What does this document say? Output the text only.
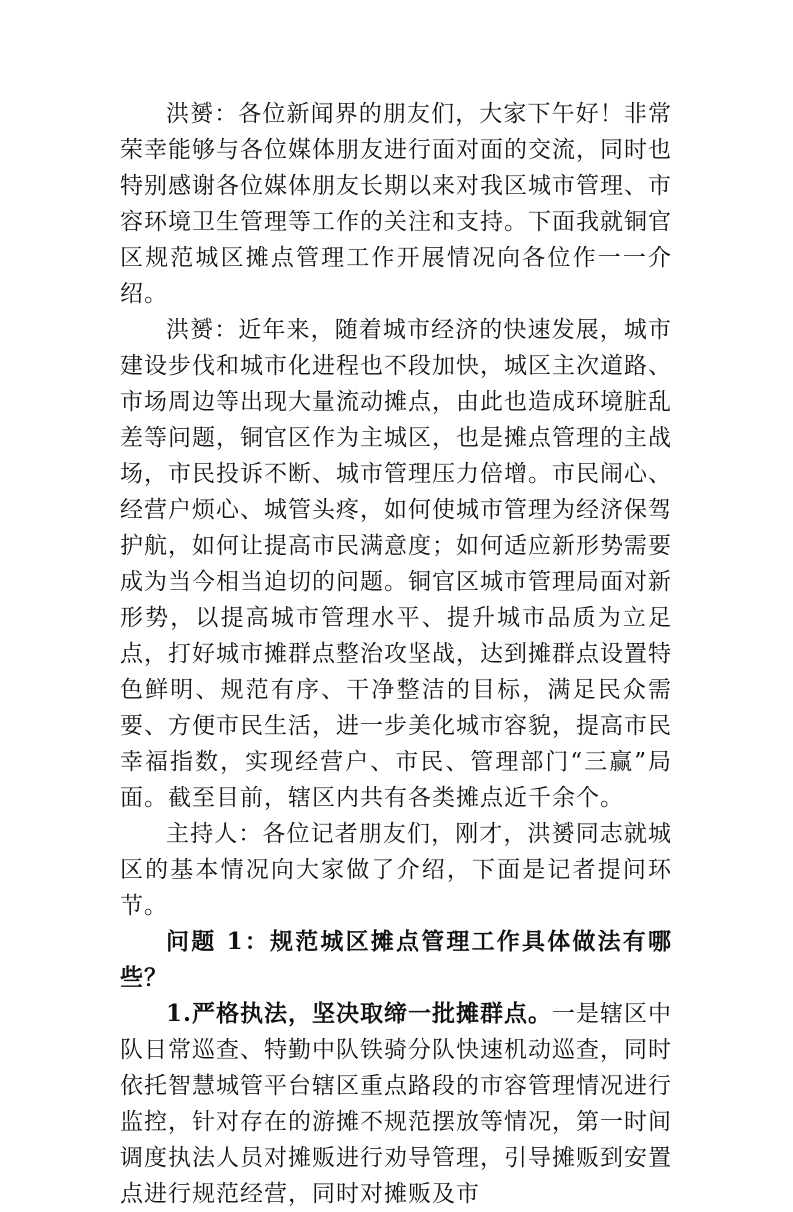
洪赟：各位新闻界的朋友们，大家下午好！非常荣幸能够与各位媒体朋友进行面对面的交流，同时也特别感谢各位媒体朋友长期以来对我区城市管理、市容环境卫生管理等工作的关注和支持。下面我就铜官区规范城区摊点管理工作开展情况向各位作一一介绍。

洪赟：近年来，随着城市经济的快速发展，城市建设步伐和城市化进程也不段加快，城区主次道路、市场周边等出现大量流动摊点，由此也造成环境脏乱差等问题，铜官区作为主城区，也是摊点管理的主战场，市民投诉不断、城市管理压力倍增。市民闹心、经营户烦心、城管头疼，如何使城市管理为经济保驾护航，如何让提高市民满意度；如何适应新形势需要成为当今相当迫切的问题。铜官区城市管理局面对新形势，以提高城市管理水平、提升城市品质为立足点，打好城市摊群点整治攻坚战，达到摊群点设置特色鲜明、规范有序、干净整洁的目标，满足民众需要、方便市民生活，进一步美化城市容貌，提高市民幸福指数，实现经营户、市民、管理部门“三赢”局面。截至目前，辖区内共有各类摊点近千余个。

主持人：各位记者朋友们，刚才，洪赟同志就城区的基本情况向大家做了介绍，下面是记者提问环节。

问题 1：规范城区摊点管理工作具体做法有哪些？

1.严格执法，坚决取缔一批摊群点。一是辖区中队日常巡查、特勤中队铁骑分队快速机动巡查，同时依托智慧城管平台辖区重点路段的市容管理情况进行监控，针对存在的游摊不规范摆放等情况，第一时间调度执法人员对摊贩进行劝导管理，引导摊贩到安置点进行规范经营，同时对摊贩及市
